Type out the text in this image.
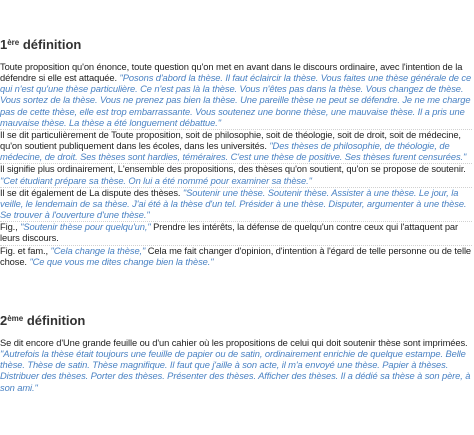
1ère définition

Toute proposition qu'on énonce, toute question qu'on met en avant dans le discours ordinaire, avec l'intention de la défendre si elle est attaquée. "Posons d'abord la thèse. Il faut éclaircir la thèse. Vous faites une thèse générale de ce qui n'est qu'une thèse particulière. Ce n'est pas là la thèse. Vous n'êtes pas dans la thèse. Vous changez de thèse. Vous sortez de la thèse. Vous ne prenez pas bien la thèse. Une pareille thèse ne peut se défendre. Je ne me charge pas de cette thèse, elle est trop embarrassante. Vous soutenez une bonne thèse, une mauvaise thèse. Il a pris une mauvaise thèse. La thèse a été longuement débattue."

Il se dit particulièrement de Toute proposition, soit de philosophie, soit de théologie, soit de droit, soit de médecine, qu'on soutient publiquement dans les écoles, dans les universités. "Des thèses de philosophie, de théologie, de médecine, de droit. Ses thèses sont hardies, téméraires. C'est une thèse de positive. Ses thèses furent censurées."

Il signifie plus ordinairement, L'ensemble des propositions, des thèses qu'on soutient, qu'on se propose de soutenir. "Cet étudiant prépare sa thèse. On lui a été nommé pour examiner sa thèse."

Il se dit également de La dispute des thèses. "Soutenir une thèse. Soutenir thèse. Assister à une thèse. Le jour, la veille, le lendemain de sa thèse. J'ai été à la thèse d'un tel. Présider à une thèse. Disputer, argumenter à une thèse. Se trouver à l'ouverture d'une thèse."

Fig., "Soutenir thèse pour quelqu'un," Prendre les intérêts, la défense de quelqu'un contre ceux qui l'attaquent par leurs discours.

Fig. et fam., "Cela change la thèse," Cela me fait changer d'opinion, d'intention à l'égard de telle personne ou de telle chose. "Ce que vous me dites change bien la thèse."

2ème définition

Se dit encore d'Une grande feuille ou d'un cahier où les propositions de celui qui doit soutenir thèse sont imprimées. "Autrefois la thèse était toujours une feuille de papier ou de satin, ordinairement enrichie de quelque estampe. Belle thèse. Thèse de satin. Thèse magnifique. Il faut que j'aille à son acte, il m'a envoyé une thèse. Papier à thèses. Distribuer des thèses. Porter des thèses. Présenter des thèses. Afficher des thèses. Il a dédié sa thèse à son père, à son ami."
